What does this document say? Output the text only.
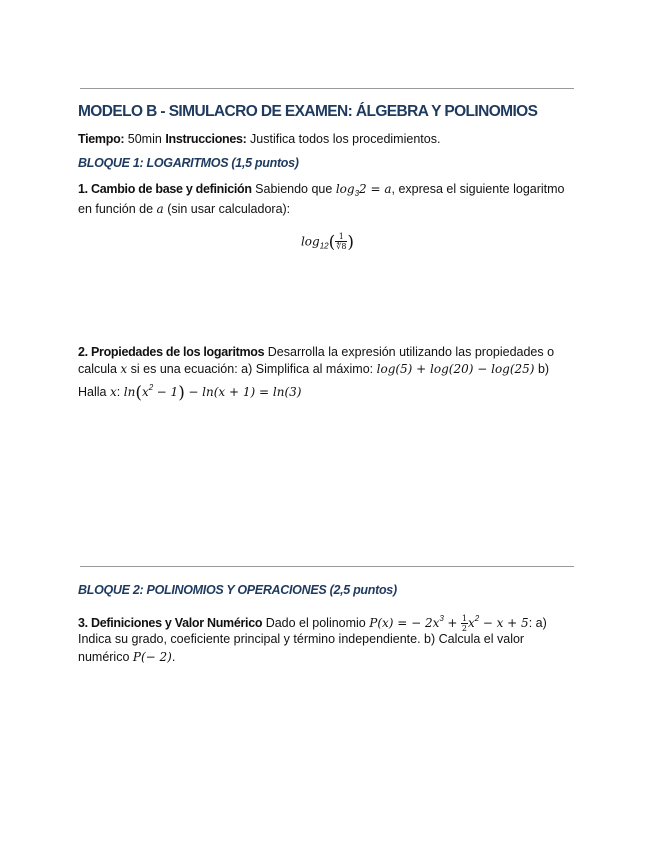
MODELO B - SIMULACRO DE EXAMEN: ÁLGEBRA Y POLINOMIOS
Tiempo: 50min Instrucciones: Justifica todos los procedimientos.
BLOQUE 1: LOGARITMOS (1,5 puntos)
1. Cambio de base y definición Sabiendo que $\log_32 = a$, expresa el siguiente logaritmo
en función de a (sin usar calculadora):
$\log_{12}( \frac{1}{∜8}$ )
2. Propiedades de los logaritmos Desarrolla la expresión utilizando las propiedades o
calcula x si es una ecuación: a) Simplifica al máximo: log(5) + log(20) − log(25) b)
Halla x: $\ln(x^2 - 1) - \ln(x + 1) = \ln(3)$
BLOQUE 2: POLINOMIOS Y OPERACIONES (2,5 puntos)
3. Definiciones y Valor Numérico Dado el polinomio P(x) = − $2x^3 + \frac{1}{2} x^2 - x + 5$: a)
Indica su grado, coeficiente principal y término independiente. b) Calcula el valor
numérico P(− 2).
